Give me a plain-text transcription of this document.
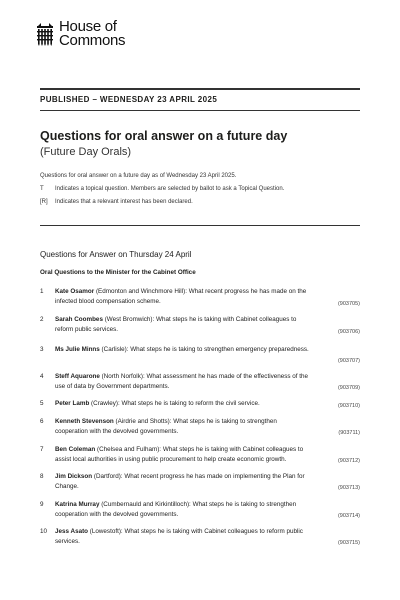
House of
Commons
PUBLISHED – WEDNESDAY 23 APRIL 2025
Questions for oral answer on a future day
(Future Day Orals)
Questions for oral answer on a future day as of Wednesday 23 April 2025.
T Indicates a topical question. Members are selected by ballot to ask a Topical Question.
[R] Indicates that a relevant interest has been declared.
Questions for Answer on Thursday 24 April
Oral Questions to the Minister for the Cabinet Office
1 Kate Osamor (Edmonton and Winchmore Hill): What recent progress he has made on the
infected blood compensation scheme.	(903705)
2 Sarah Coombes (West Bromwich): What steps he is taking with Cabinet colleagues to
reform public services.	(903706)
3 Ms Julie Minns (Carlisle): What steps he is taking to strengthen emergency preparedness.
(903707)
4 Steff Aquarone (North Norfolk): What assessment he has made of the effectiveness of the
use of data by Government departments.	(903709)
5 Peter Lamb (Crawley): What steps he is taking to reform the civil service.	(903710)
6 Kenneth Stevenson (Airdrie and Shotts): What steps he is taking to strengthen
cooperation with the devolved governments.	(903711)
7 Ben Coleman (Chelsea and Fulham): What steps he is taking with Cabinet colleagues to
assist local authorities in using public procurement to help create economic growth.	(903712)
8 Jim Dickson (Dartford): What recent progress he has made on implementing the Plan for
Change.	(903713)
9 Katrina Murray (Cumbernauld and Kirkintilloch): What steps he is taking to strengthen
cooperation with the devolved governments.	(903714)
10 Jess Asato (Lowestoft): What steps he is taking with Cabinet colleagues to reform public
services.	(903715)
